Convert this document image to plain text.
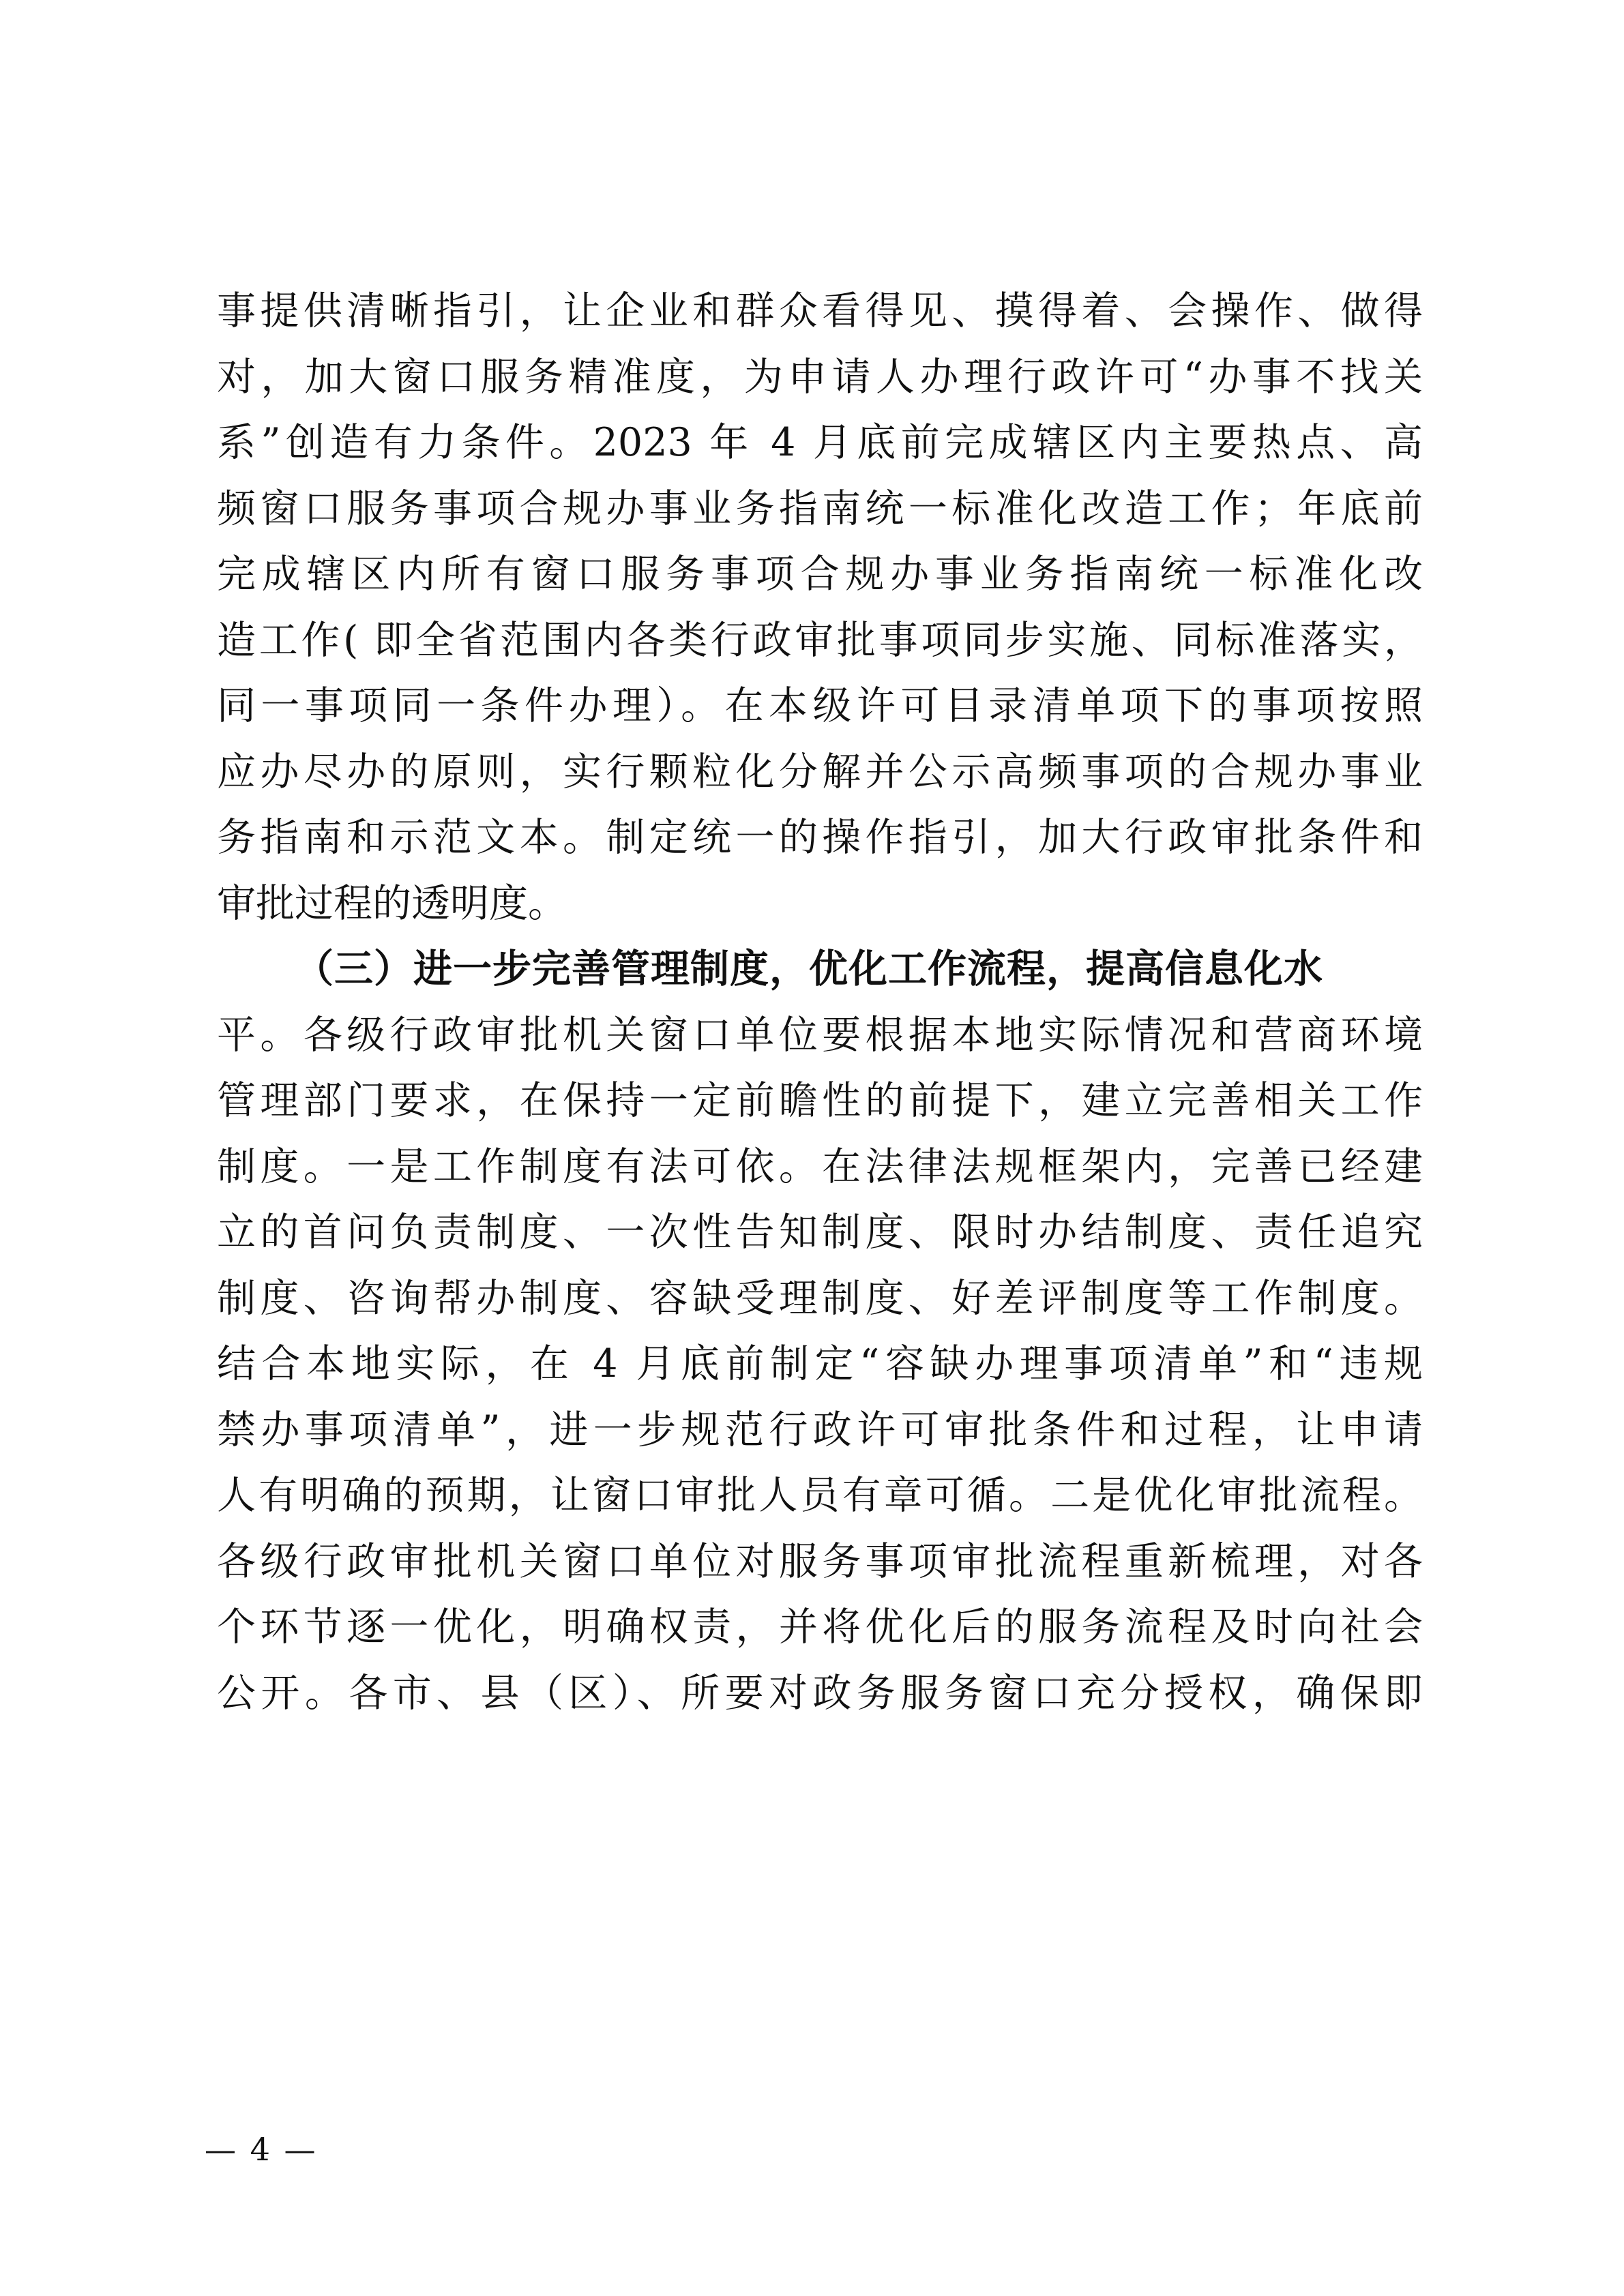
事提供清晰指引，让企业和群众看得见、摸得着、会操作、做得
对，加大窗口服务精准度，为申请人办理行政许可“办事不找关
系”创造有力条件。2023 年 4 月底前完成辖区内主要热点、高
频窗口服务事项合规办事业务指南统一标准化改造工作；年底前
完成辖区内所有窗口服务事项合规办事业务指南统一标准化改
造工作( 即全省范围内各类行政审批事项同步实施、同标准落实，
同一事项同一条件办理）。在本级许可目录清单项下的事项按照
应办尽办的原则，实行颗粒化分解并公示高频事项的合规办事业
务指南和示范文本。制定统一的操作指引，加大行政审批条件和
审批过程的透明度。
（三）进一步完善管理制度，优化工作流程，提高信息化水
平。各级行政审批机关窗口单位要根据本地实际情况和营商环境
管理部门要求，在保持一定前瞻性的前提下，建立完善相关工作
制度。一是工作制度有法可依。在法律法规框架内，完善已经建
立的首问负责制度、一次性告知制度、限时办结制度、责任追究
制度、咨询帮办制度、容缺受理制度、好差评制度等工作制度。
结合本地实际，在 4 月底前制定“容缺办理事项清单”和“违规
禁办事项清单”，进一步规范行政许可审批条件和过程，让申请
人有明确的预期，让窗口审批人员有章可循。二是优化审批流程。
各级行政审批机关窗口单位对服务事项审批流程重新梳理，对各
个环节逐一优化，明确权责，并将优化后的服务流程及时向社会
公开。各市、县（区）、所要对政务服务窗口充分授权，确保即
— 4 —
